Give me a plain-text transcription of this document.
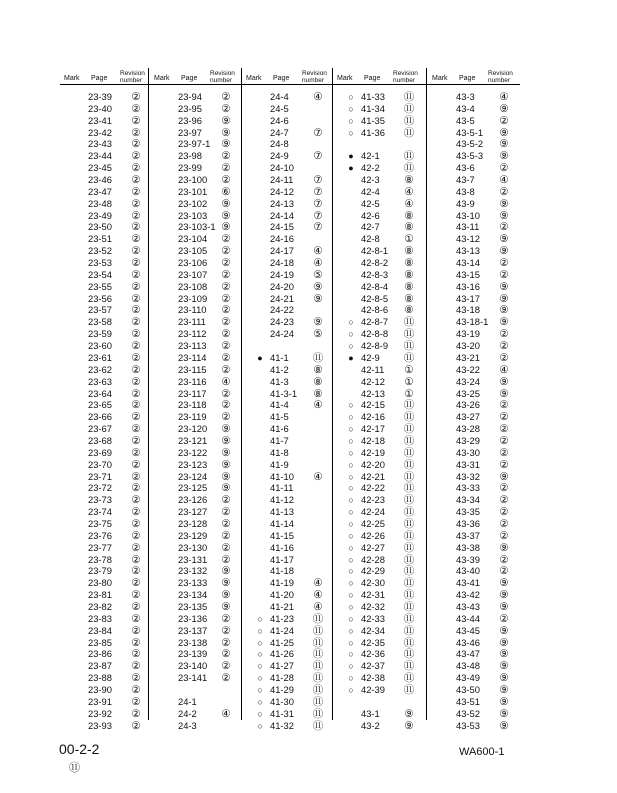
Mark Page
Revision
number
23-39	②
23-40	②
23-41	②
23-42	②
23-43	②
23-44	②
23-45	②
23-46	②
23-47	②
23-48	②
23-49	②
23-50	②
23-51	②
23-52	②
23-53	②
23-54	②
23-55	②
23-56	②
23-57	②
23-58	②
23-59	②
23-60	②
23-61	②
23-62	②
23-63	②
23-64	②
23-65	②
23-66	②
23-67	②
23-68	②
23-69	②
23-70	②
23-71	②
23-72	②
23-73	②
23-74	②
23-75	②
23-76	②
23-77	②
23-78	②
23-79	②
23-80	②
23-81	②
23-82	②
23-83	②
23-84	②
23-85	②
23-86	②
23-87	②
23-88	②
23-90	②
23-91	②
23-92	②
23-93	②
Mark Page
Revision
number
23-94	②
23-95	②
23-96	⑨
23-97	⑨
23-97-1	⑨
23-98	②
23-99	②
23-100	②
23-101	⑥
23-102	⑨
23-103	⑨
23-103-1 ⑨
23-104	②
23-105	②
23-106	②
23-107	②
23-108	②
23-109	②
23-110	②
23-111	②
23-112	②
23-113	②
23-114	②
23-115	②
23-116	④
23-117	②
23-118	②
23-119	②
23-120	⑨
23-121	⑨
23-122	⑨
23-123	⑨
23-124	⑨
23-125	⑨
23-126	②
23-127	②
23-128	②
23-129	②
23-130	②
23-131	②
23-132	⑨
23-133	⑨
23-134	⑨
23-135	⑨
23-136	②
23-137	②
23-138	②
23-139	②
23-140	②
23-141	②
24-1
24-2	④
24-3
Mark Page
Revision
number
24-4	④
24-5
24-6
24-7	⑦
24-8
24-9	⑦
24-10
24-11	⑦
24-12	⑦
24-13	⑦
24-14	⑦
24-15	⑦
24-16
24-17	④
24-18	④
24-19	⑤
24-20	⑨
24-21	⑨
24-22
24-23	⑨
24-24	⑤
● 41-1 ⑪
41-2	⑧
41-3	⑧
41-3-1	⑧
41-4	④
41-5
41-6
41-7
41-8
41-9
41-10	④
41-11
41-12
41-13
41-14
41-15
41-16
41-17
41-18
41-19	④
41-20	④
41-21	④
○ 41-23 ⑪
○ 41-24 ⑪
○ 41-25 ⑪
○ 41-26 ⑪
○ 41-27 ⑪
○ 41-28 ⑪
○ 41-29 ⑪
○ 41-30 ⑪
○ 41-31 ⑪
○ 41-32 ⑪
Mark Page
Revision
number
○ 41-33 ⑪
○ 41-34 ⑪
○ 41-35 ⑪
○ 41-36 ⑪
● 42-1 ⑪
● 42-2 ⑪
42-3	⑧
42-4	④
42-5	④
42-6	⑧
42-7	⑧
42-8	①
42-8-1	⑧
42-8-2	⑧
42-8-3	⑧
42-8-4	⑧
42-8-5	⑧
42-8-6	⑧
○ 42-8-7 ⑪
○ 42-8-8 ⑪
○ 42-8-9 ⑪
● 42-9 ⑪
42-11	①
42-12	①
42-13	①
○ 42-15 ⑪
○ 42-16 ⑪
○ 42-17 ⑪
○ 42-18 ⑪
○ 42-19 ⑪
○ 42-20 ⑪
○ 42-21 ⑪
○ 42-22 ⑪
○ 42-23 ⑪
○ 42-24 ⑪
○ 42-25 ⑪
○ 42-26 ⑪
○ 42-27 ⑪
○ 42-28 ⑪
○ 42-29 ⑪
○ 42-30 ⑪
○ 42-31 ⑪
○ 42-32 ⑪
○ 42-33 ⑪
○ 42-34 ⑪
○ 42-35 ⑪
○ 42-36 ⑪
○ 42-37 ⑪
○ 42-38 ⑪
○ 42-39 ⑪
43-1	⑨
43-2	⑨
Mark Page
Revision
number
43-3	④
43-4	⑨
43-5	②
43-5-1	⑨
43-5-2	⑨
43-5-3	⑨
43-6	②
43-7	④
43-8	②
43-9	⑨
43-10	⑨
43-11	②
43-12	⑨
43-13	⑨
43-14	②
43-15	②
43-16	⑨
43-17	⑨
43-18	⑨
43-18-1	⑨
43-19	②
43-20	②
43-21	②
43-22	④
43-24	⑨
43-25	⑨
43-26	②
43-27	②
43-28	②
43-29	②
43-30	②
43-31	②
43-32	⑨
43-33	②
43-34	②
43-35	②
43-36	②
43-37	②
43-38	⑨
43-39	②
43-40	②
43-41	⑨
43-42	⑨
43-43	⑨
43-44	②
43-45	⑨
43-46	⑨
43-47	⑨
43-48	⑨
43-49	⑨
43-50	⑨
43-51	⑨
43-52	⑨
43-53	⑨
00-2-2
⑪
WA600-1
